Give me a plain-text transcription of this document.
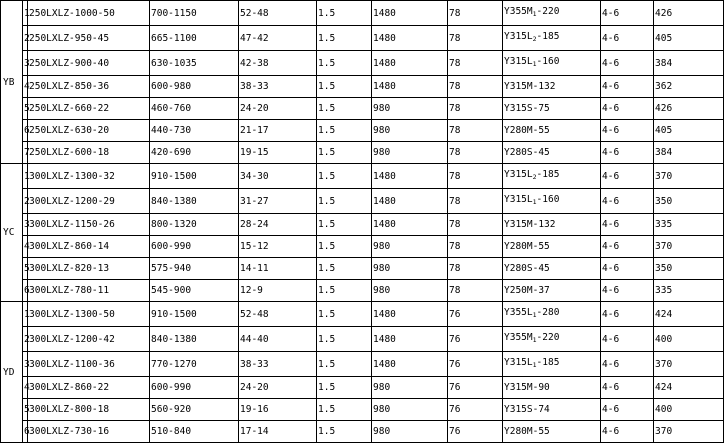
YB	1	250LXLZ-1000-50	700-1150	52-48	1.5	1480	78	$Y355M_1-220$	4-6	426
	2	250LXLZ-950-45	665-1100	47-42	1.5	1480	78	$Y315L_2-185$	4-6	405
	3	250LXLZ-900-40	630-1035	42-38	1.5	1480	78	$Y315L_1-160$	4-6	384
	4	250LXLZ-850-36	600-980	38-33	1.5	1480	78	Y315M-132	4-6	362
	5	250LXLZ-660-22	460-760	24-20	1.5	980	78	Y315S-75	4-6	426
	6	250LXLZ-630-20	440-730	21-17	1.5	980	78	Y280M-55	4-6	405
	7	250LXLZ-600-18	420-690	19-15	1.5	980	78	Y280S-45	4-6	384
YC	1	300LXLZ-1300-32	910-1500	34-30	1.5	1480	78	$Y315L_2-185$	4-6	370
	2	300LXLZ-1200-29	840-1380	31-27	1.5	1480	78	$Y315L_1-160$	4-6	350
	3	300LXLZ-1150-26	800-1320	28-24	1.5	1480	78	Y315M-132	4-6	335
	4	300LXLZ-860-14	600-990	15-12	1.5	980	78	Y280M-55	4-6	370
	5	300LXLZ-820-13	575-940	14-11	1.5	980	78	Y280S-45	4-6	350
	6	300LXLZ-780-11	545-900	12-9	1.5	980	78	Y250M-37	4-6	335
YD	1	300LXLZ-1300-50	910-1500	52-48	1.5	1480	76	$Y355L_1-280$	4-6	424
	2	300LXLZ-1200-42	840-1380	44-40	1.5	1480	76	$Y355M_1-220$	4-6	400
	3	300LXLZ-1100-36	770-1270	38-33	1.5	1480	76	$Y315L_1-185$	4-6	370
	4	300LXLZ-860-22	600-990	24-20	1.5	980	76	Y315M-90	4-6	424
	5	300LXLZ-800-18	560-920	19-16	1.5	980	76	Y315S-74	4-6	400
	6	300LXLZ-730-16	510-840	17-14	1.5	980	76	Y280M-55	4-6	370
